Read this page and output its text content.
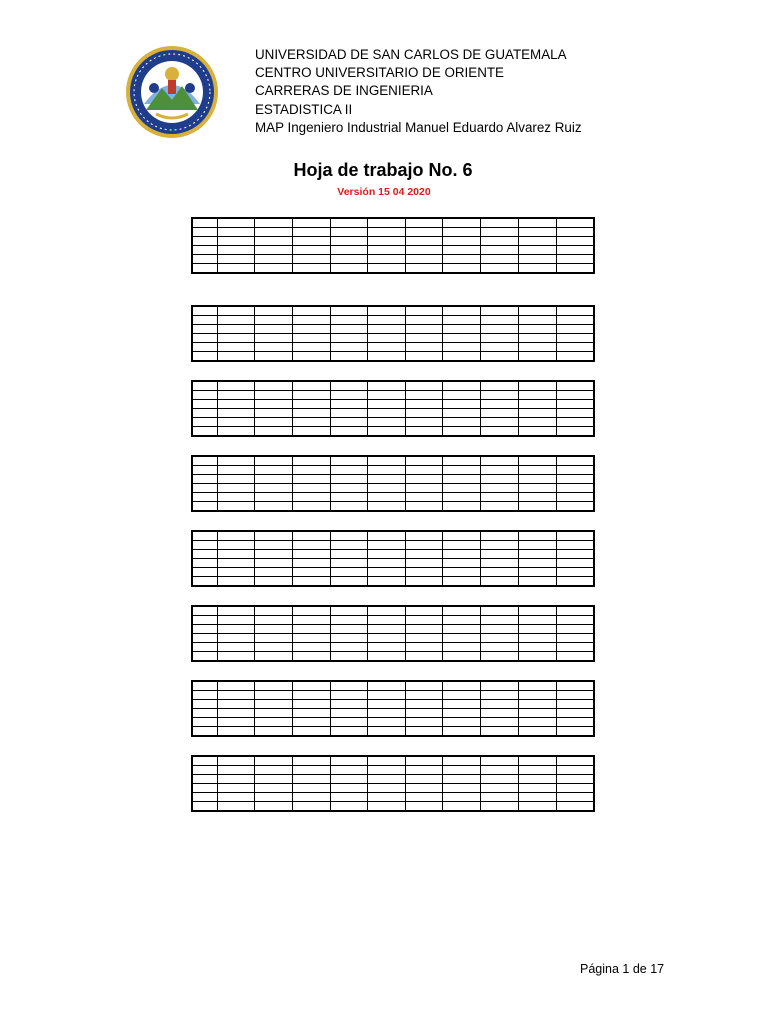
UNIVERSIDAD DE SAN CARLOS DE GUATEMALA
CENTRO UNIVERSITARIO DE ORIENTE
CARRERAS DE INGENIERIA
ESTADISTICA II
MAP Ingeniero Industrial Manuel Eduardo Alvarez Ruiz
Hoja de trabajo No. 6
Versión 15 04 2020

Página 1 de 17
